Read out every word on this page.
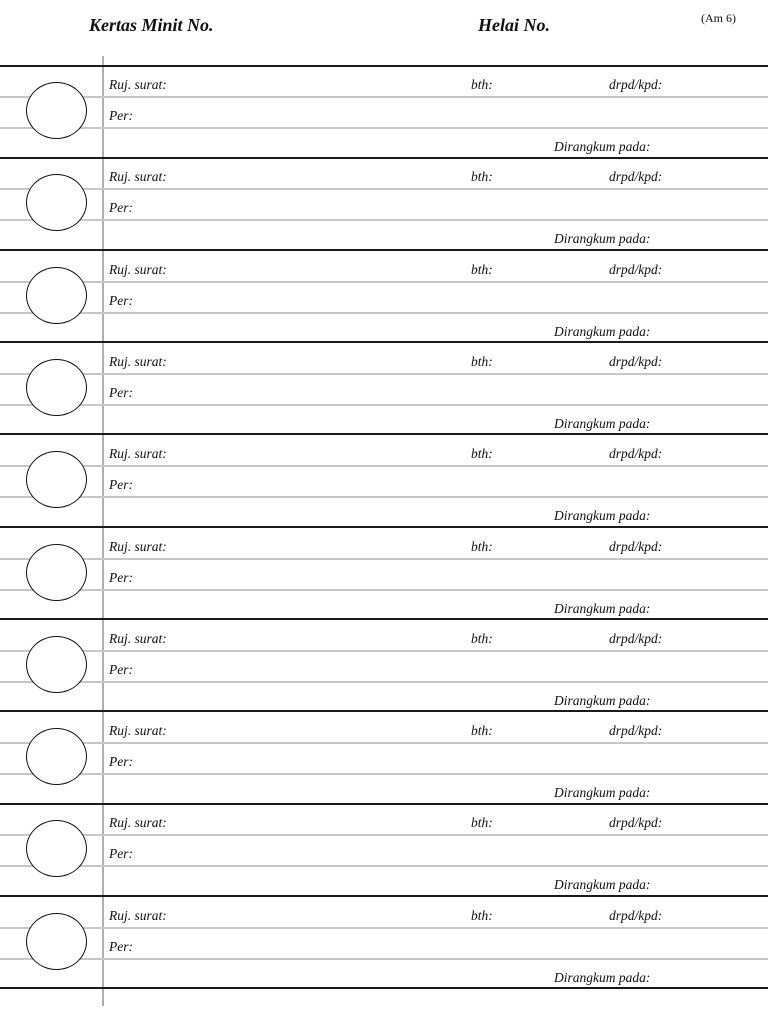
Kertas Minit No.	Helai No.	(Am 6)
Ruj. surat:	bth:	drpd/kpd:
Per:
Dirangkum pada:
Ruj. surat:	bth:	drpd/kpd:
Per:
Dirangkum pada:
Ruj. surat:	bth:	drpd/kpd:
Per:
Dirangkum pada:
Ruj. surat:	bth:	drpd/kpd:
Per:
Dirangkum pada:
Ruj. surat:	bth:	drpd/kpd:
Per:
Dirangkum pada:
Ruj. surat:	bth:	drpd/kpd:
Per:
Dirangkum pada:
Ruj. surat:	bth:	drpd/kpd:
Per:
Dirangkum pada:
Ruj. surat:	bth:	drpd/kpd:
Per:
Dirangkum pada:
Ruj. surat:	bth:	drpd/kpd:
Per:
Dirangkum pada:
Ruj. surat:	bth:	drpd/kpd:
Per:
Dirangkum pada:
